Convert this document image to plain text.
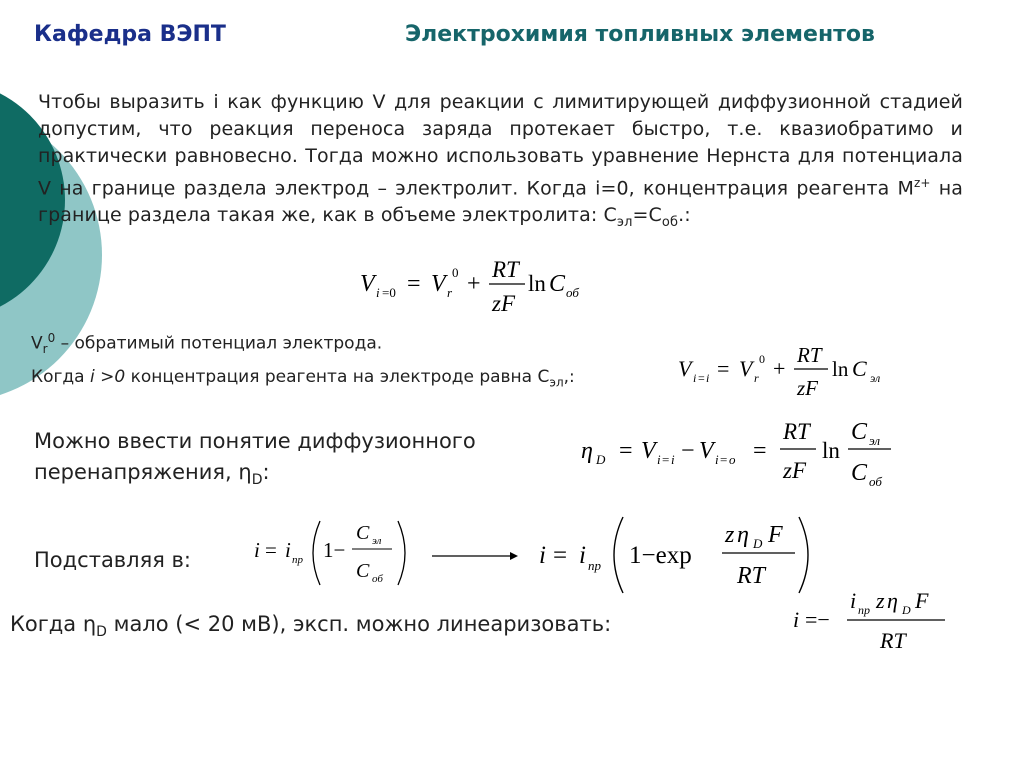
Кафедра ВЭПТ	Электрохимия топливных элементов
Чтобы выразить i как функцию V для реакции с лимитирующей диффузионной стадией допустим, что реакция переноса заряда протекает быстро, т.е. квазиобратимо и практически равновесно. Тогда можно использовать уравнение Нернста для потенциала V на границе раздела электрод – электролит. Когда i=0, концентрация реагента $M^{z+}$ на границе раздела такая же, как в объеме электролита: $C_{эл}=C_{об}$.:
V i =0 = V r
0 +
RT
zF
ln C об
$V_r^0$ – обратимый потенциал электрода.
Когда i >0 концентрация реагента на электроде равна $C_{эл}$,:	V i = i = V r
0 +
RT
zF
ln C эл
Можно ввести понятие диффузионного
перенапряжения, $\eta_D$:
η D = V i = i − V i = o =
RT
zF
ln
C эл
C об
Подставляя в:	i = i пр 1−
C эл
C об
i = i пр 1−exp
z η D F
RT
Когда $\eta_D$ мало (< 20 мВ), эксп. можно линеаризовать:	i =−
i пр z η D F
RT
